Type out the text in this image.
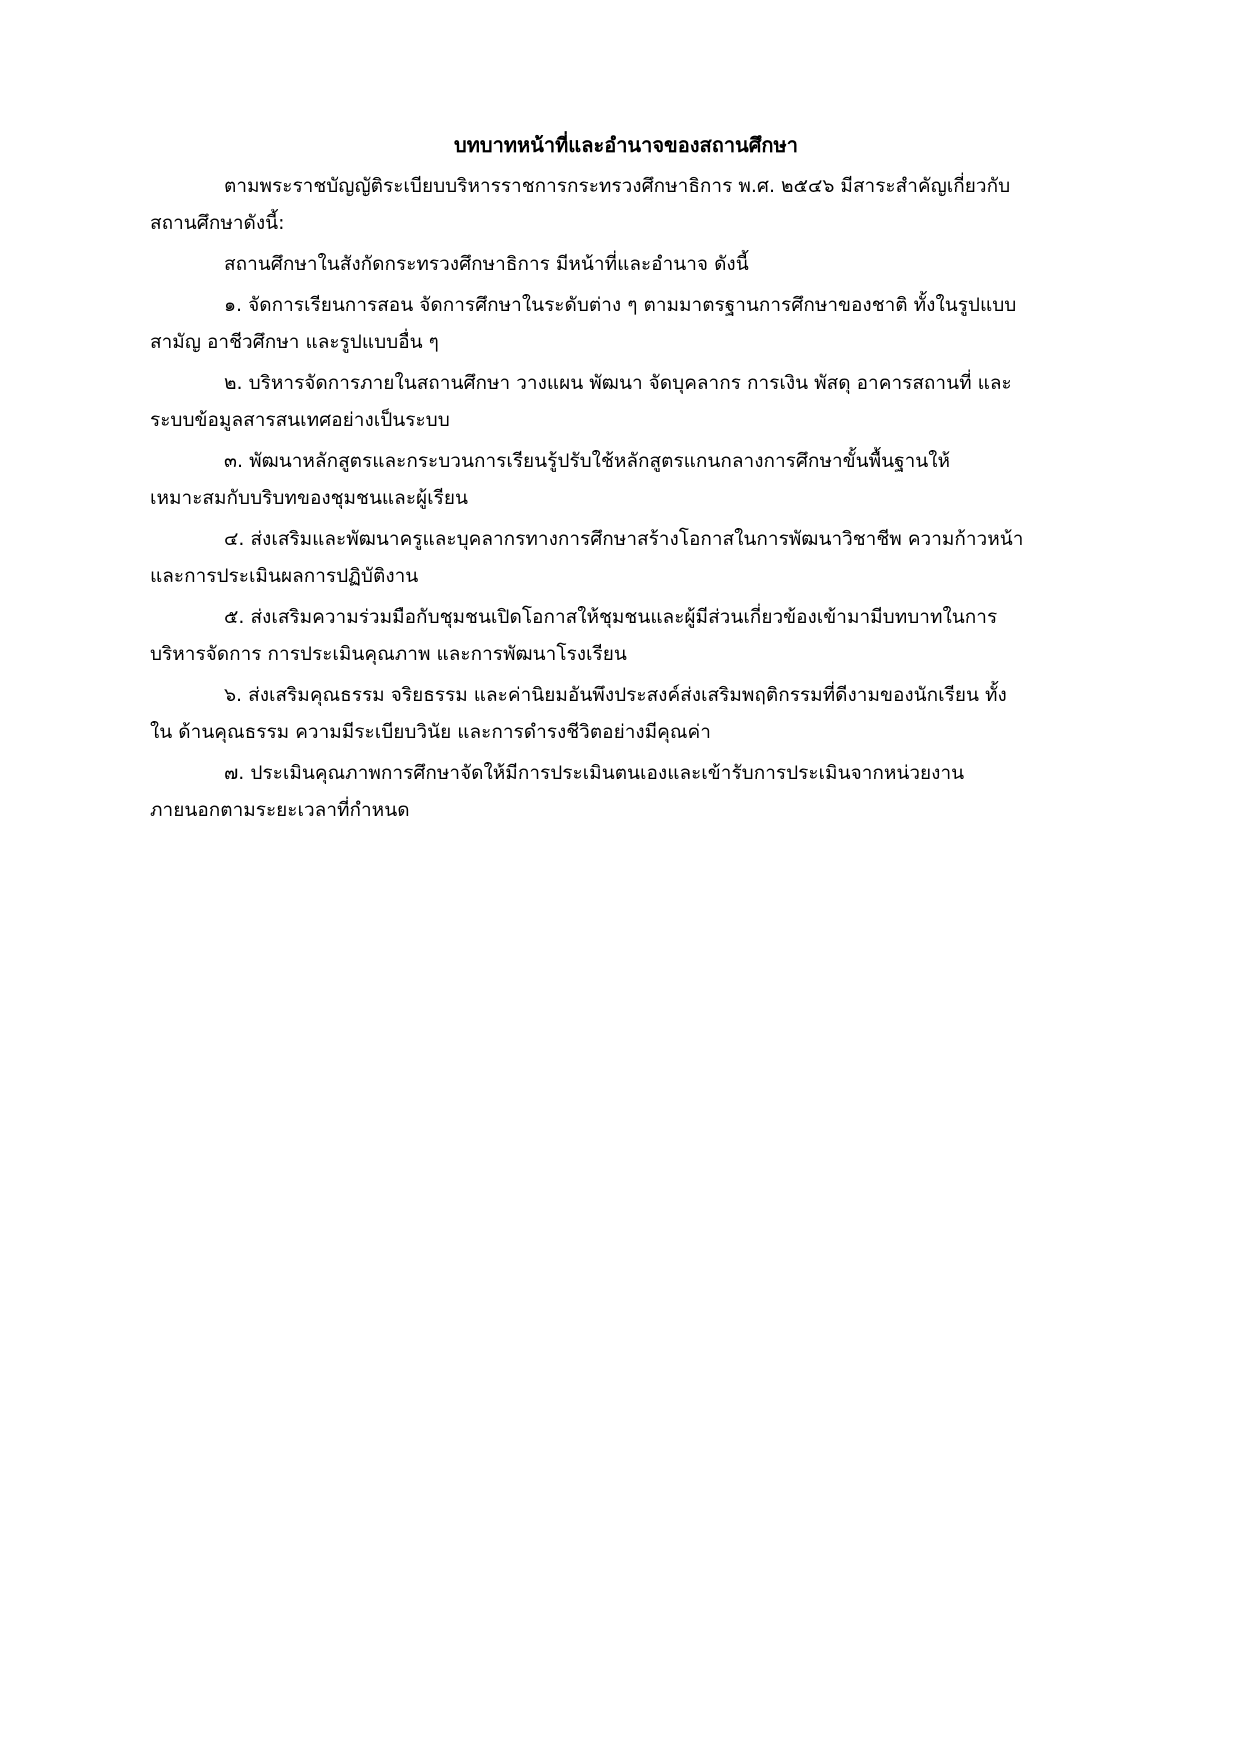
บทบาทหน้าที่และอำนาจของสถานศึกษา

ตามพระราชบัญญัติระเบียบบริหารราชการกระทรวงศึกษาธิการ พ.ศ. ๒๕๔๖ มีสาระสำคัญเกี่ยวกับ
สถานศึกษาดังนี้:

สถานศึกษาในสังกัดกระทรวงศึกษาธิการ มีหน้าที่และอำนาจ ดังนี้

๑. จัดการเรียนการสอน จัดการศึกษาในระดับต่าง ๆ ตามมาตรฐานการศึกษาของชาติ ทั้งในรูปแบบ
สามัญ อาชีวศึกษา และรูปแบบอื่น ๆ

๒. บริหารจัดการภายในสถานศึกษา วางแผน พัฒนา จัดบุคลากร การเงิน พัสดุ อาคารสถานที่ และ
ระบบข้อมูลสารสนเทศอย่างเป็นระบบ

๓. พัฒนาหลักสูตรและกระบวนการเรียนรู้ปรับใช้หลักสูตรแกนกลางการศึกษาขั้นพื้นฐานให้
เหมาะสมกับบริบทของชุมชนและผู้เรียน

๔. ส่งเสริมและพัฒนาครูและบุคลากรทางการศึกษาสร้างโอกาสในการพัฒนาวิชาชีพ ความก้าวหน้า
และการประเมินผลการปฏิบัติงาน

๕. ส่งเสริมความร่วมมือกับชุมชนเปิดโอกาสให้ชุมชนและผู้มีส่วนเกี่ยวข้องเข้ามามีบทบาทในการ
บริหารจัดการ การประเมินคุณภาพ และการพัฒนาโรงเรียน

๖. ส่งเสริมคุณธรรม จริยธรรม และค่านิยมอันพึงประสงค์ส่งเสริมพฤติกรรมที่ดีงามของนักเรียน ทั้ง
ใน ด้านคุณธรรม ความมีระเบียบวินัย และการดำรงชีวิตอย่างมีคุณค่า

๗. ประเมินคุณภาพการศึกษาจัดให้มีการประเมินตนเองและเข้ารับการประเมินจากหน่วยงาน
ภายนอกตามระยะเวลาที่กำหนด
